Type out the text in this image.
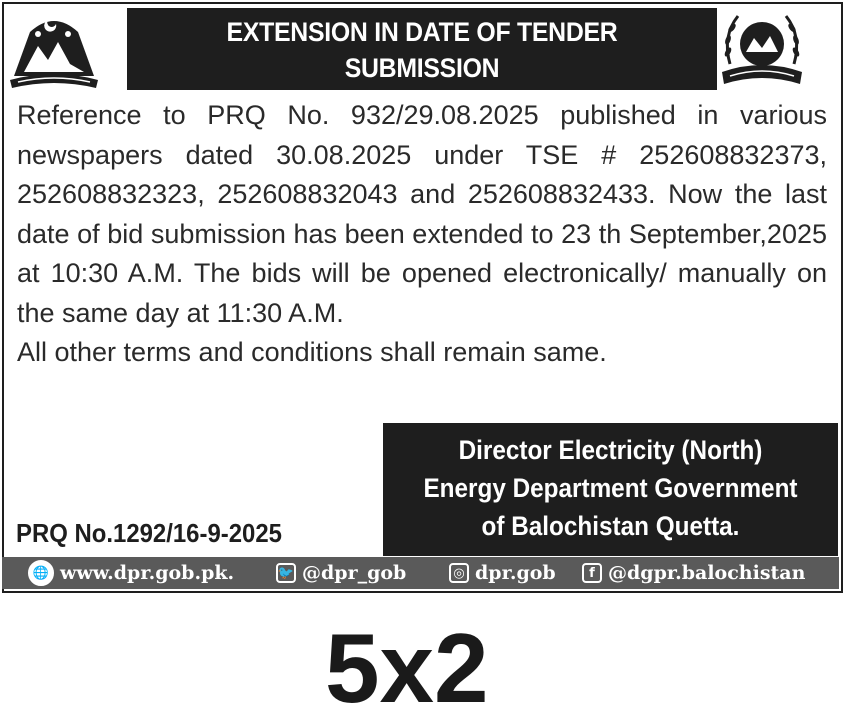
EXTENSION IN DATE OF TENDER
SUBMISSION

Reference to PRQ No. 932/29.08.2025 published in various newspapers dated 30.08.2025 under TSE # 252608832373, 252608832323, 252608832043 and 252608832433. Now the last date of bid submission has been extended to 23 th September,2025 at 10:30 A.M. The bids will be opened electronically/ manually on the same day at 11:30 A.M.

All other terms and conditions shall remain same.

Director Electricity (North)
Energy Department Government
of Balochistan Quetta.
PRQ No.1292/16-9-2025
🌐 www.dpr.gob.pk.	🐦 @dpr_gob	◎ dpr.gob	f @dgpr.balochistan
5x2
